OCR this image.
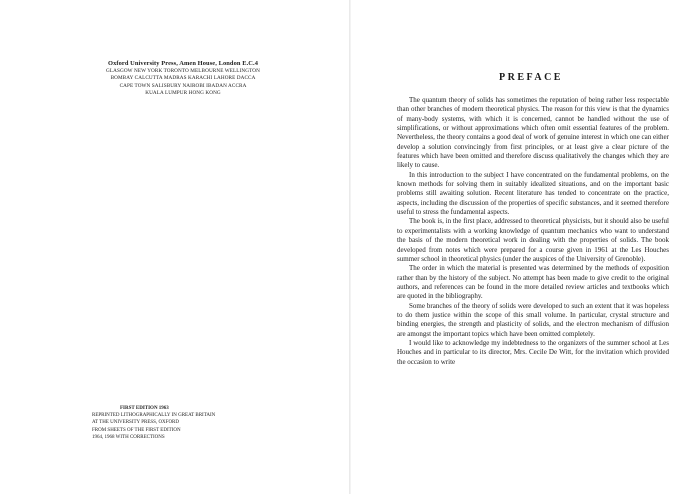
Oxford University Press, Amen House, London E.C.4
GLASGOW NEW YORK TORONTO MELBOURNE WELLINGTON
BOMBAY CALCUTTA MADRAS KARACHI LAHORE DACCA
CAPE TOWN SALISBURY NAIROBI IBADAN ACCRA
KUALA LUMPUR HONG KONG
FIRST EDITION 1963
REPRINTED LITHOGRAPHICALLY IN GREAT BRITAIN
AT THE UNIVERSITY PRESS, OXFORD
FROM SHEETS OF THE FIRST EDITION
1964, 1968 WITH CORRECTIONS
PREFACE

The quantum theory of solids has sometimes the reputation of being rather less respectable than other branches of modern theoretical physics. The reason for this view is that the dynamics of many-body systems, with which it is concerned, cannot be handled without the use of simplifications, or without approximations which often omit essential features of the problem. Nevertheless, the theory contains a good deal of work of genuine interest in which one can either develop a solution convincingly from first principles, or at least give a clear picture of the features which have been omitted and therefore discuss qualitatively the changes which they are likely to cause.

In this introduction to the subject I have concentrated on the fundamental problems, on the known methods for solving them in suitably idealized situations, and on the important basic problems still awaiting solution. Recent literature has tended to concentrate on the practice, aspects, including the discussion of the properties of specific substances, and it seemed therefore useful to stress the fundamental aspects.

The book is, in the first place, addressed to theoretical physicists, but it should also be useful to experimentalists with a working knowledge of quantum mechanics who want to understand the basis of the modern theoretical work in dealing with the properties of solids. The book developed from notes which were prepared for a course given in 1961 at the Les Houches summer school in theoretical physics (under the auspices of the University of Grenoble).

The order in which the material is presented was determined by the methods of exposition rather than by the history of the subject. No attempt has been made to give credit to the original authors, and references can be found in the more detailed review articles and textbooks which are quoted in the bibliography.

Some branches of the theory of solids were developed to such an extent that it was hopeless to do them justice within the scope of this small volume. In particular, crystal structure and binding energies, the strength and plasticity of solids, and the electron mechanism of diffusion are amongst the important topics which have been omitted completely.

I would like to acknowledge my indebtedness to the organizers of the summer school at Les Houches and in particular to its director, Mrs. Cecile De Witt, for the invitation which provided the occasion to write
